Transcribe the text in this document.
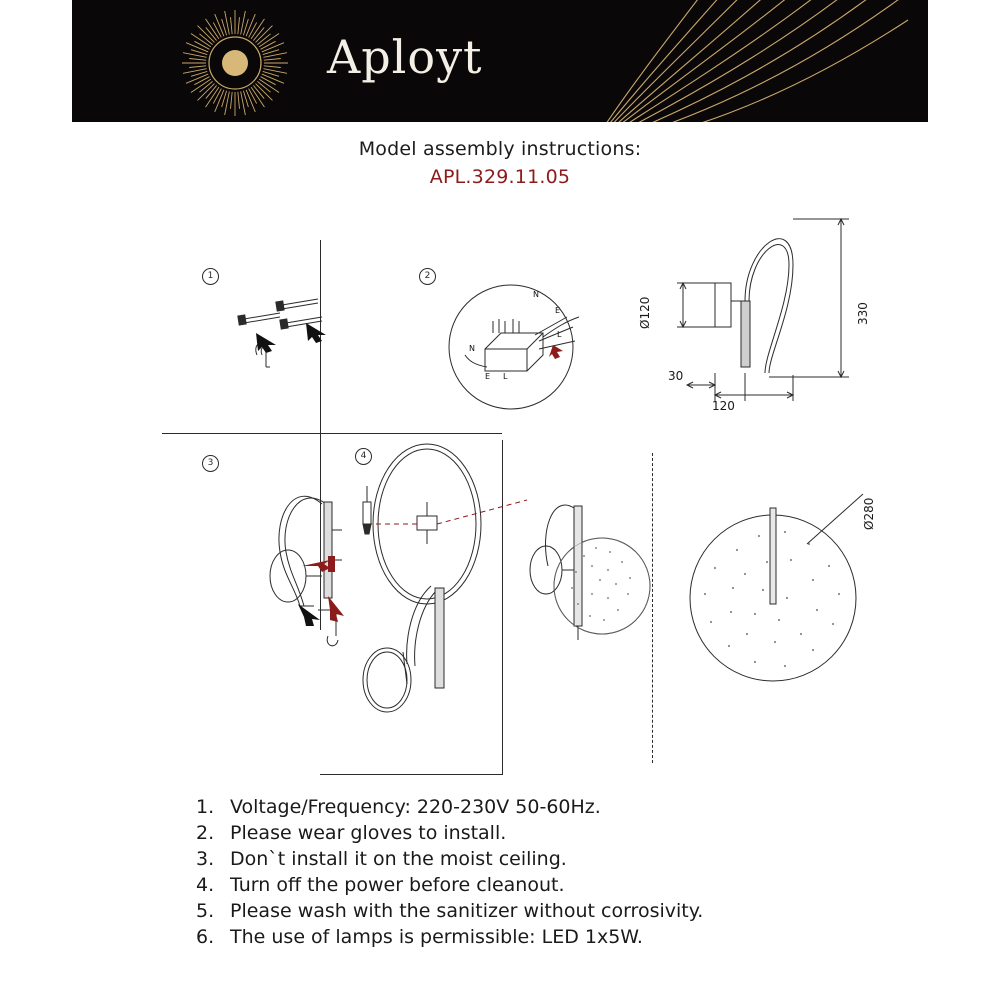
Aployt
Model assembly instructions:
APL.329.11.05
1	2
3
4
N
E
L
N
E L
Ø120	330
30
120
Ø280
1. Voltage/Frequency: 220-230V 50-60Hz.
2. Please wear gloves to install.
3. Don`t install it on the moist ceiling.
4. Turn off the power before cleanout.
5. Please wash with the sanitizer without corrosivity.
6. The use of lamps is permissible: LED 1x5W.
